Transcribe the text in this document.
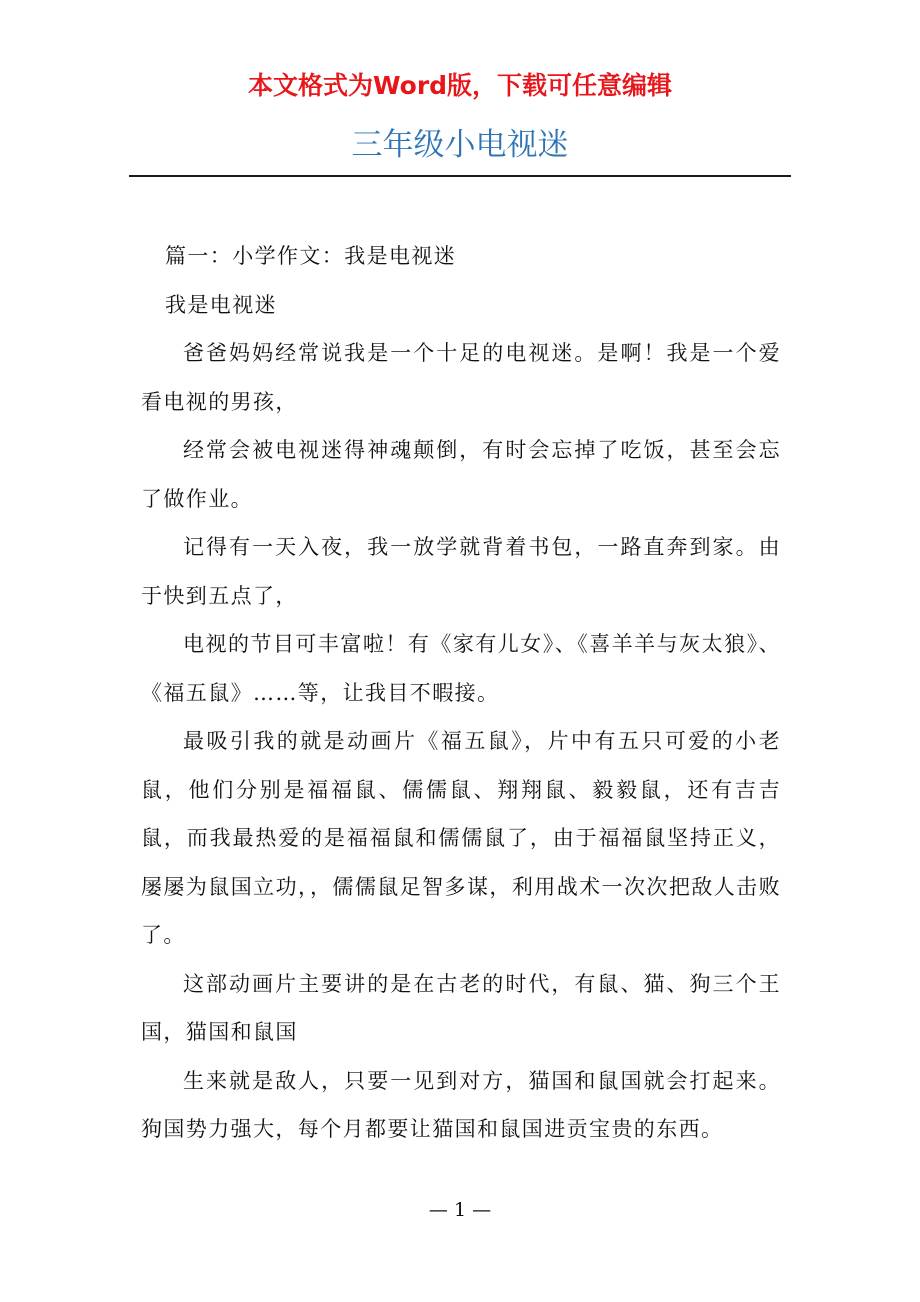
本文格式为Word版，下载可任意编辑
三年级小电视迷

篇一：小学作文：我是电视迷

我是电视迷

爸爸妈妈经常说我是一个十足的电视迷。是啊！我是一个爱看电视的男孩，

经常会被电视迷得神魂颠倒，有时会忘掉了吃饭，甚至会忘了做作业。

记得有一天入夜，我一放学就背着书包，一路直奔到家。由于快到五点了，

电视的节目可丰富啦！有《家有儿女》、《喜羊羊与灰太狼》、《福五鼠》……等，让我目不暇接。

最吸引我的就是动画片《福五鼠》，片中有五只可爱的小老鼠，他们分别是福福鼠、儒儒鼠、翔翔鼠、毅毅鼠，还有吉吉鼠，而我最热爱的是福福鼠和儒儒鼠了，由于福福鼠坚持正义，屡屡为鼠国立功，，儒儒鼠足智多谋，利用战术一次次把敌人击败了。

这部动画片主要讲的是在古老的时代，有鼠、猫、狗三个王国，猫国和鼠国

生来就是敌人，只要一见到对方，猫国和鼠国就会打起来。狗国势力强大，每个月都要让猫国和鼠国进贡宝贵的东西。

— 1 —
